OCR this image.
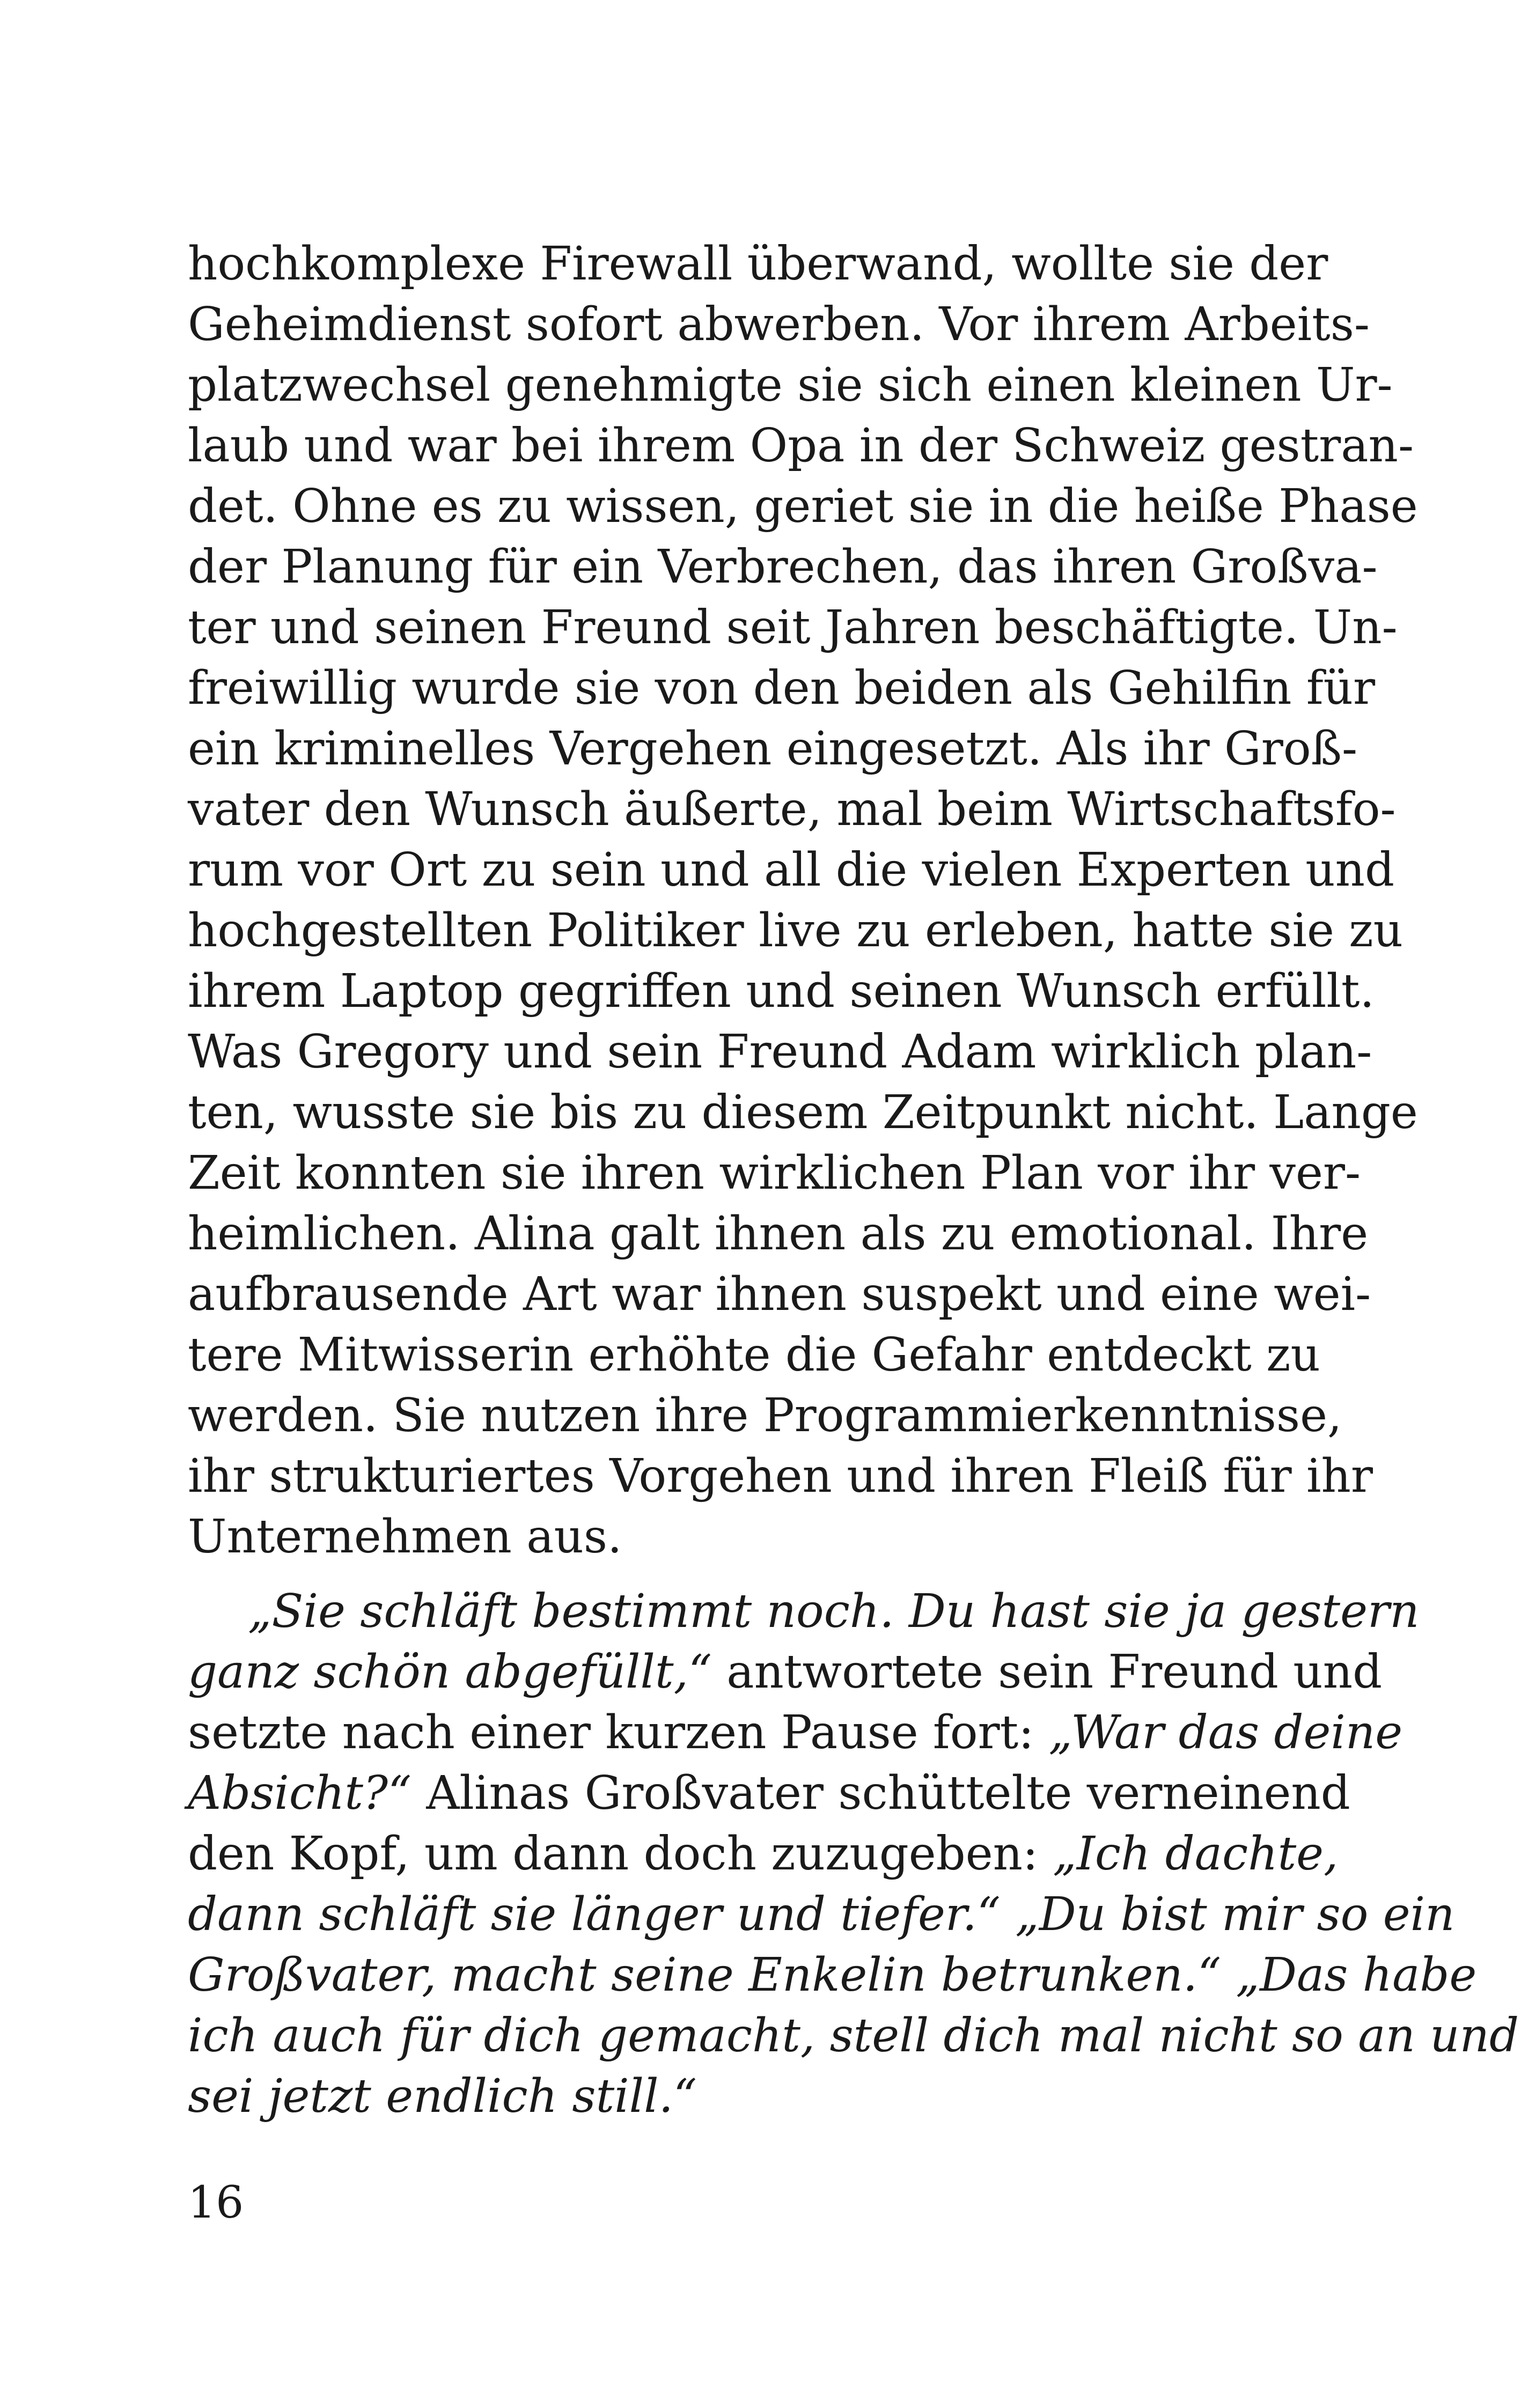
hochkomplexe Firewall überwand, wollte sie der
Geheimdienst sofort abwerben. Vor ihrem Arbeits-
platzwechsel genehmigte sie sich einen kleinen Ur-
laub und war bei ihrem Opa in der Schweiz gestran-
det. Ohne es zu wissen, geriet sie in die heiße Phase
der Planung für ein Verbrechen, das ihren Großva-
ter und seinen Freund seit Jahren beschäftigte. Un-
freiwillig wurde sie von den beiden als Gehilfin für
ein kriminelles Vergehen eingesetzt. Als ihr Groß-
vater den Wunsch äußerte, mal beim Wirtschaftsfo-
rum vor Ort zu sein und all die vielen Experten und
hochgestellten Politiker live zu erleben, hatte sie zu
ihrem Laptop gegriffen und seinen Wunsch erfüllt.
Was Gregory und sein Freund Adam wirklich plan-
ten, wusste sie bis zu diesem Zeitpunkt nicht. Lange
Zeit konnten sie ihren wirklichen Plan vor ihr ver-
heimlichen. Alina galt ihnen als zu emotional. Ihre
aufbrausende Art war ihnen suspekt und eine wei-
tere Mitwisserin erhöhte die Gefahr entdeckt zu
werden. Sie nutzen ihre Programmierkenntnisse,
ihr strukturiertes Vorgehen und ihren Fleiß für ihr
Unternehmen aus.
„Sie schläft bestimmt noch. Du hast sie ja gestern
ganz schön abgefüllt,“ antwortete sein Freund und
setzte nach einer kurzen Pause fort: „War das deine
Absicht?“ Alinas Großvater schüttelte verneinend
den Kopf, um dann doch zuzugeben: „Ich dachte,
dann schläft sie länger und tiefer.“ „Du bist mir so ein
Großvater, macht seine Enkelin betrunken.“ „Das habe
ich auch für dich gemacht, stell dich mal nicht so an und
sei jetzt endlich still.“
16
